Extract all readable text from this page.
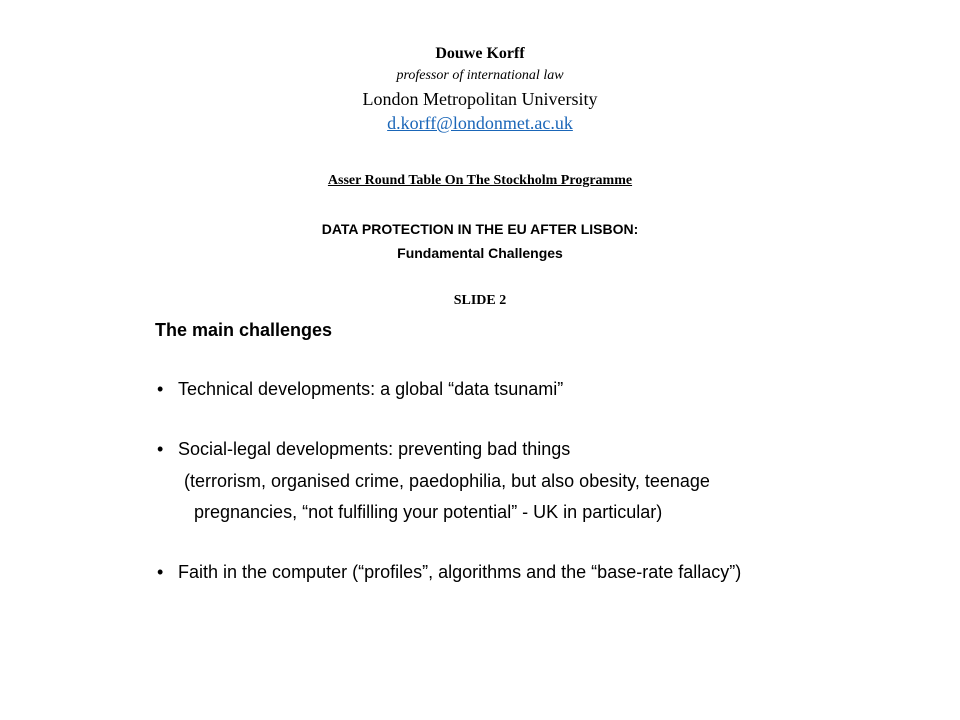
Douwe Korff
professor of international law
London Metropolitan University
d.korff@londonmet.ac.uk
Asser Round Table On The Stockholm Programme
DATA PROTECTION IN THE EU AFTER LISBON:
Fundamental Challenges
SLIDE 2
The main challenges
• Technical developments: a global “data tsunami”
• Social-legal developments: preventing bad things
(terrorism, organised crime, paedophilia, but also obesity, teenage
pregnancies, “not fulfilling your potential” - UK in particular)
• Faith in the computer (“profiles”, algorithms and the “base-rate fallacy”)
